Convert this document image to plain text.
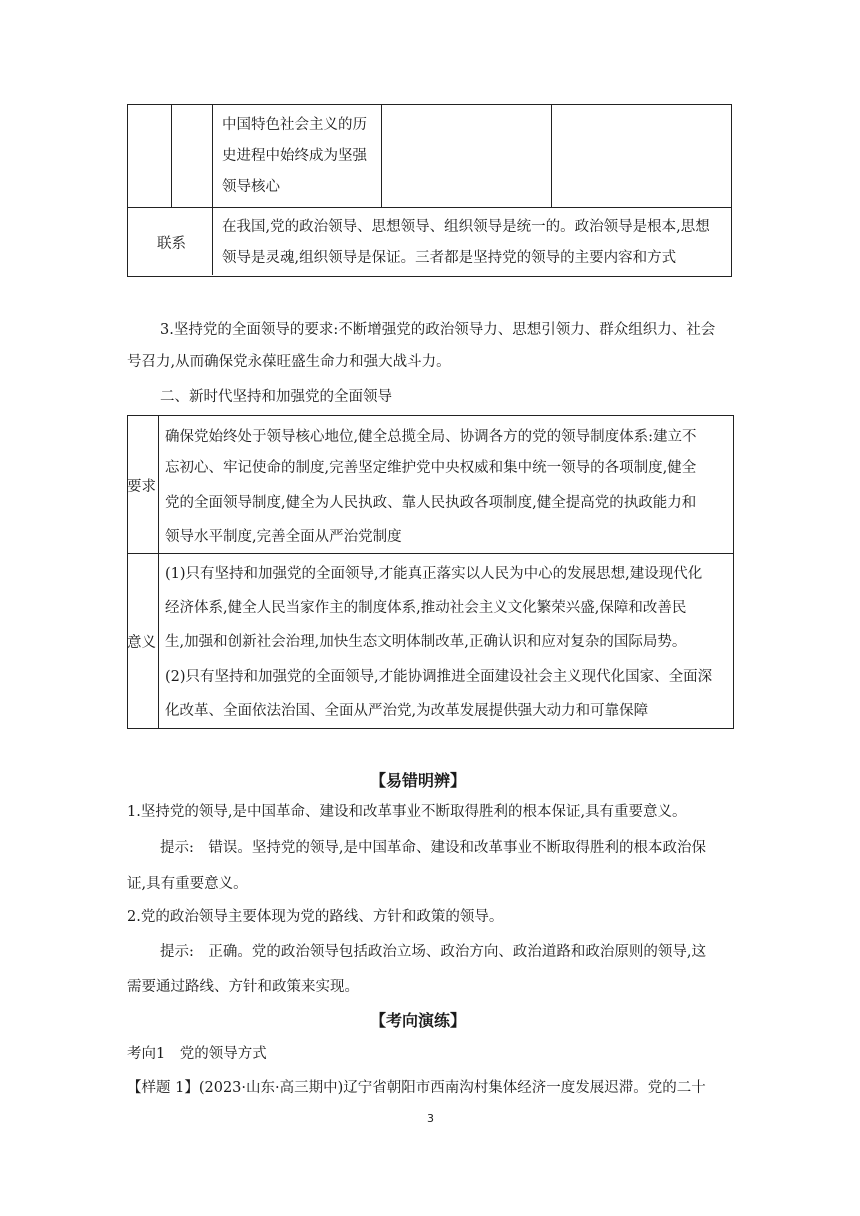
中国特色社会主义的历
史进程中始终成为坚强
领导核心
联系
在我国,党的政治领导、思想领导、组织领导是统一的。政治领导是根本,思想
领导是灵魂,组织领导是保证。三者都是坚持党的领导的主要内容和方式
3.坚持党的全面领导的要求:不断增强党的政治领导力、思想引领力、群众组织力、社会
号召力,从而确保党永葆旺盛生命力和强大战斗力。
二、新时代坚持和加强党的全面领导
要求
确保党始终处于领导核心地位,健全总揽全局、协调各方的党的领导制度体系:建立不
忘初心、牢记使命的制度,完善坚定维护党中央权威和集中统一领导的各项制度,健全
党的全面领导制度,健全为人民执政、靠人民执政各项制度,健全提高党的执政能力和
领导水平制度,完善全面从严治党制度
意义
(1)只有坚持和加强党的全面领导,才能真正落实以人民为中心的发展思想,建设现代化
经济体系,健全人民当家作主的制度体系,推动社会主义文化繁荣兴盛,保障和改善民
生,加强和创新社会治理,加快生态文明体制改革,正确认识和应对复杂的国际局势。
(2)只有坚持和加强党的全面领导,才能协调推进全面建设社会主义现代化国家、全面深
化改革、全面依法治国、全面从严治党,为改革发展提供强大动力和可靠保障
【易错明辨】
1.坚持党的领导,是中国革命、建设和改革事业不断取得胜利的根本保证,具有重要意义。
提示:　错误。坚持党的领导,是中国革命、建设和改革事业不断取得胜利的根本政治保
证,具有重要意义。
2.党的政治领导主要体现为党的路线、方针和政策的领导。
提示:　正确。党的政治领导包括政治立场、政治方向、政治道路和政治原则的领导,这
需要通过路线、方针和政策来实现。
【考向演练】
考向1　党的领导方式
【样题 1】(2023·山东·高三期中)辽宁省朝阳市西南沟村集体经济一度发展迟滞。党的二十
3
